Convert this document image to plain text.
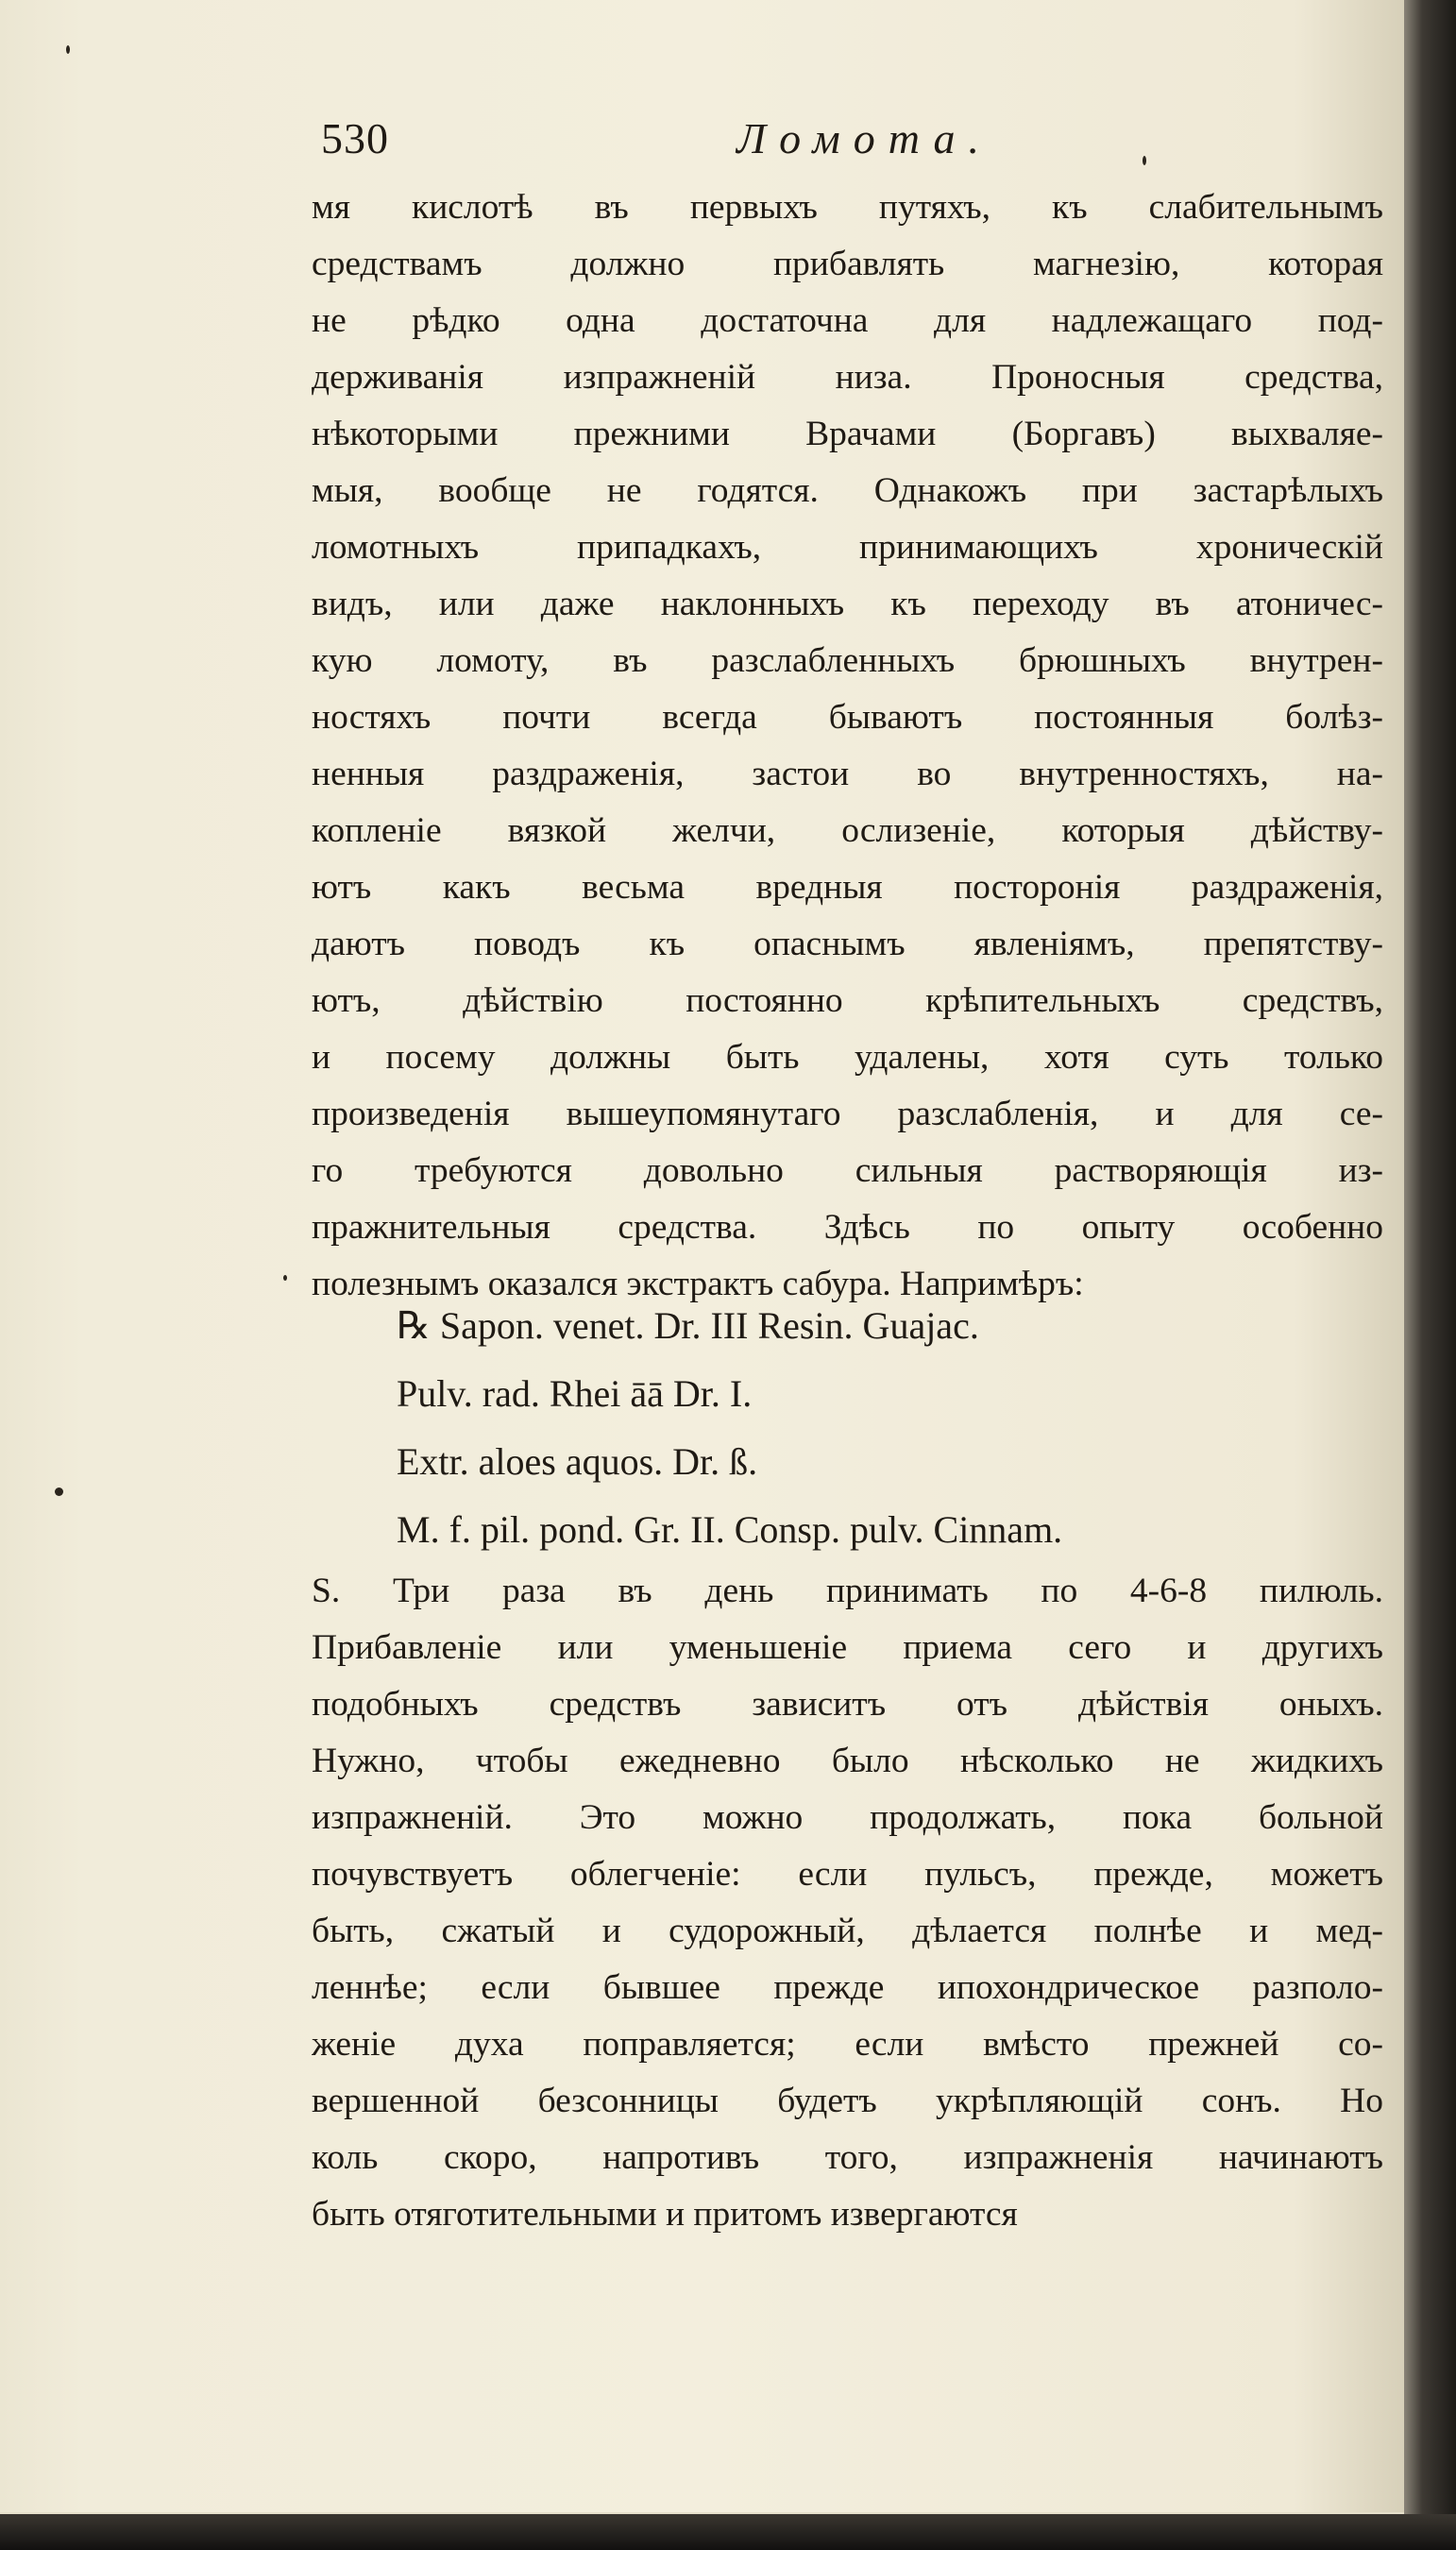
530	Ломота.
мя кислотѣ въ первыхъ путяхъ, къ слабительнымъ
средствамъ должно прибавлять магнезію, которая
не рѣдко одна достаточна для надлежащаго под-
держиванія изпражненій низа. Проносныя средства,
нѣкоторыми прежними Врачами (Боргавъ) выхваляе-
мыя, вообще не годятся. Однакожъ при застарѣлыхъ
ломотныхъ припадкахъ, принимающихъ хроническій
видъ, или даже наклонныхъ къ переходу въ атоничес-
кую ломоту, въ разслабленныхъ брюшныхъ внутрен-
ностяхъ почти всегда бываютъ постоянныя болѣз-
ненныя раздраженія, застои во внутренностяхъ, на-
копленіе вязкой желчи, ослизеніе, которыя дѣйству-
ютъ какъ весьма вредныя посторонія раздраженія,
даютъ поводъ къ опаснымъ явленіямъ, препятству-
ютъ, дѣйствію постоянно крѣпительныхъ средствъ,
и посему должны быть удалены, хотя суть только
произведенія вышеупомянутаго разслабленія, и для се-
го требуются довольно сильныя растворяющія из-
пражнительныя средства. Здѣсь по опыту особенно
полезнымъ оказался экстрактъ сабура. Напримѣръ:
℞ Sapon. venet. Dr. III Resin. Guajac.
Pulv. rad. Rhei āā Dr. I.
Extr. aloes aquos. Dr. ß.
M. f. pil. pond. Gr. II. Consp. pulv. Cinnam.
S. Три раза въ день принимать по 4-6-8 пилюль.
Прибавленіе или уменьшеніе приема сего и другихъ
подобныхъ средствъ зависитъ отъ дѣйствія оныхъ.
Нужно, чтобы ежедневно было нѣсколько не жидкихъ
изпражненій. Это можно продолжать, пока больной
почувствуетъ облегченіе: если пульсъ, прежде, можетъ
быть, сжатый и судорожный, дѣлается полнѣе и мед-
леннѣе; если бывшее прежде ипохондрическое разполо-
женіе духа поправляется; если вмѣсто прежней со-
вершенной безсонницы будетъ укрѣпляющій сонъ. Но
коль скоро, напротивъ того, изпражненія начинаютъ
быть отяготительными и притомъ извергаются
